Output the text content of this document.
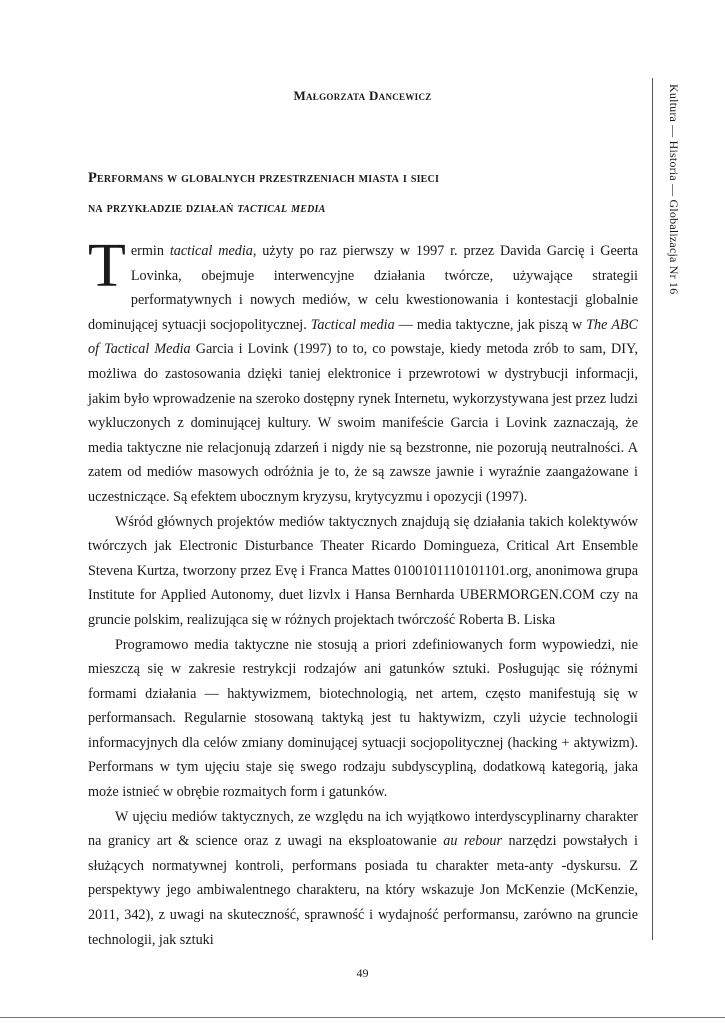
Małgorzata Dancewicz
Performans w globalnych przestrzeniach miasta i sieci
na przykładzie działań tactical media	Kultura — Historia — Globalizacja Nr 16

Termin tactical media, użyty po raz pierwszy w 1997 r. przez Davida Garcię i Geerta Lovinka, obejmuje interwencyjne działania twórcze, używające strategii performatywnych i nowych mediów, w celu kwestionowania i kontestacji globalnie dominującej sytuacji socjopolitycznej. Tactical media — media taktyczne, jak piszą w The ABC of Tactical Media Garcia i Lovink (1997) to to, co powstaje, kiedy metoda zrób to sam, DIY, możliwa do zastosowania dzięki taniej elektronice i przewrotowi w dystrybucji informacji, jakim było wprowadzenie na szeroko dostępny rynek Internetu, wykorzystywana jest przez ludzi wykluczonych z dominującej kultury. W swoim manifeście Garcia i Lovink zaznaczają, że media taktyczne nie relacjonują zdarzeń i nigdy nie są bezstronne, nie pozorują neutralności. A zatem od mediów masowych odróżnia je to, że są zawsze jawnie i wyraźnie zaangażowane i uczestniczące. Są efektem ubocznym kryzysu, krytycyzmu i opozycji (1997).

Wśród głównych projektów mediów taktycznych znajdują się działania takich kolektywów twórczych jak Electronic Disturbance Theater Ricardo Domingueza, Critical Art Ensemble Stevena Kurtza, tworzony przez Evę i Franca Mattes 0100101110101101.org, anonimowa grupa Institute for Applied Autonomy, duet lizvlx i Hansa Bernharda UBERMORGEN.COM czy na gruncie polskim, realizująca się w różnych projektach twórczość Roberta B. Liska

Programowo media taktyczne nie stosują a priori zdefiniowanych form wypowiedzi, nie mieszczą się w zakresie restrykcji rodzajów ani gatunków sztuki. Posługując się różnymi formami działania — haktywizmem, biotechnologią, net artem, często manifestują się w performansach. Regularnie stosowaną taktyką jest tu haktywizm, czyli użycie technologii informacyjnych dla celów zmiany dominującej sytuacji socjopolitycznej (hacking + aktywizm). Performans w tym ujęciu staje się swego rodzaju subdyscypliną, dodatkową kategorią, jaka może istnieć w obrębie rozmaitych form i gatunków.

W ujęciu mediów taktycznych, ze względu na ich wyjątkowo interdyscyplinarny charakter na granicy art & science oraz z uwagi na eksploatowanie au rebour narzędzi powstałych i służących normatywnej kontroli, performans posiada tu charakter meta-anty -dyskursu. Z perspektywy jego ambiwalentnego charakteru, na który wskazuje Jon McKenzie (McKenzie, 2011, 342), z uwagi na skuteczność, sprawność i wydajność performansu, zarówno na gruncie technologii, jak sztuki

49
